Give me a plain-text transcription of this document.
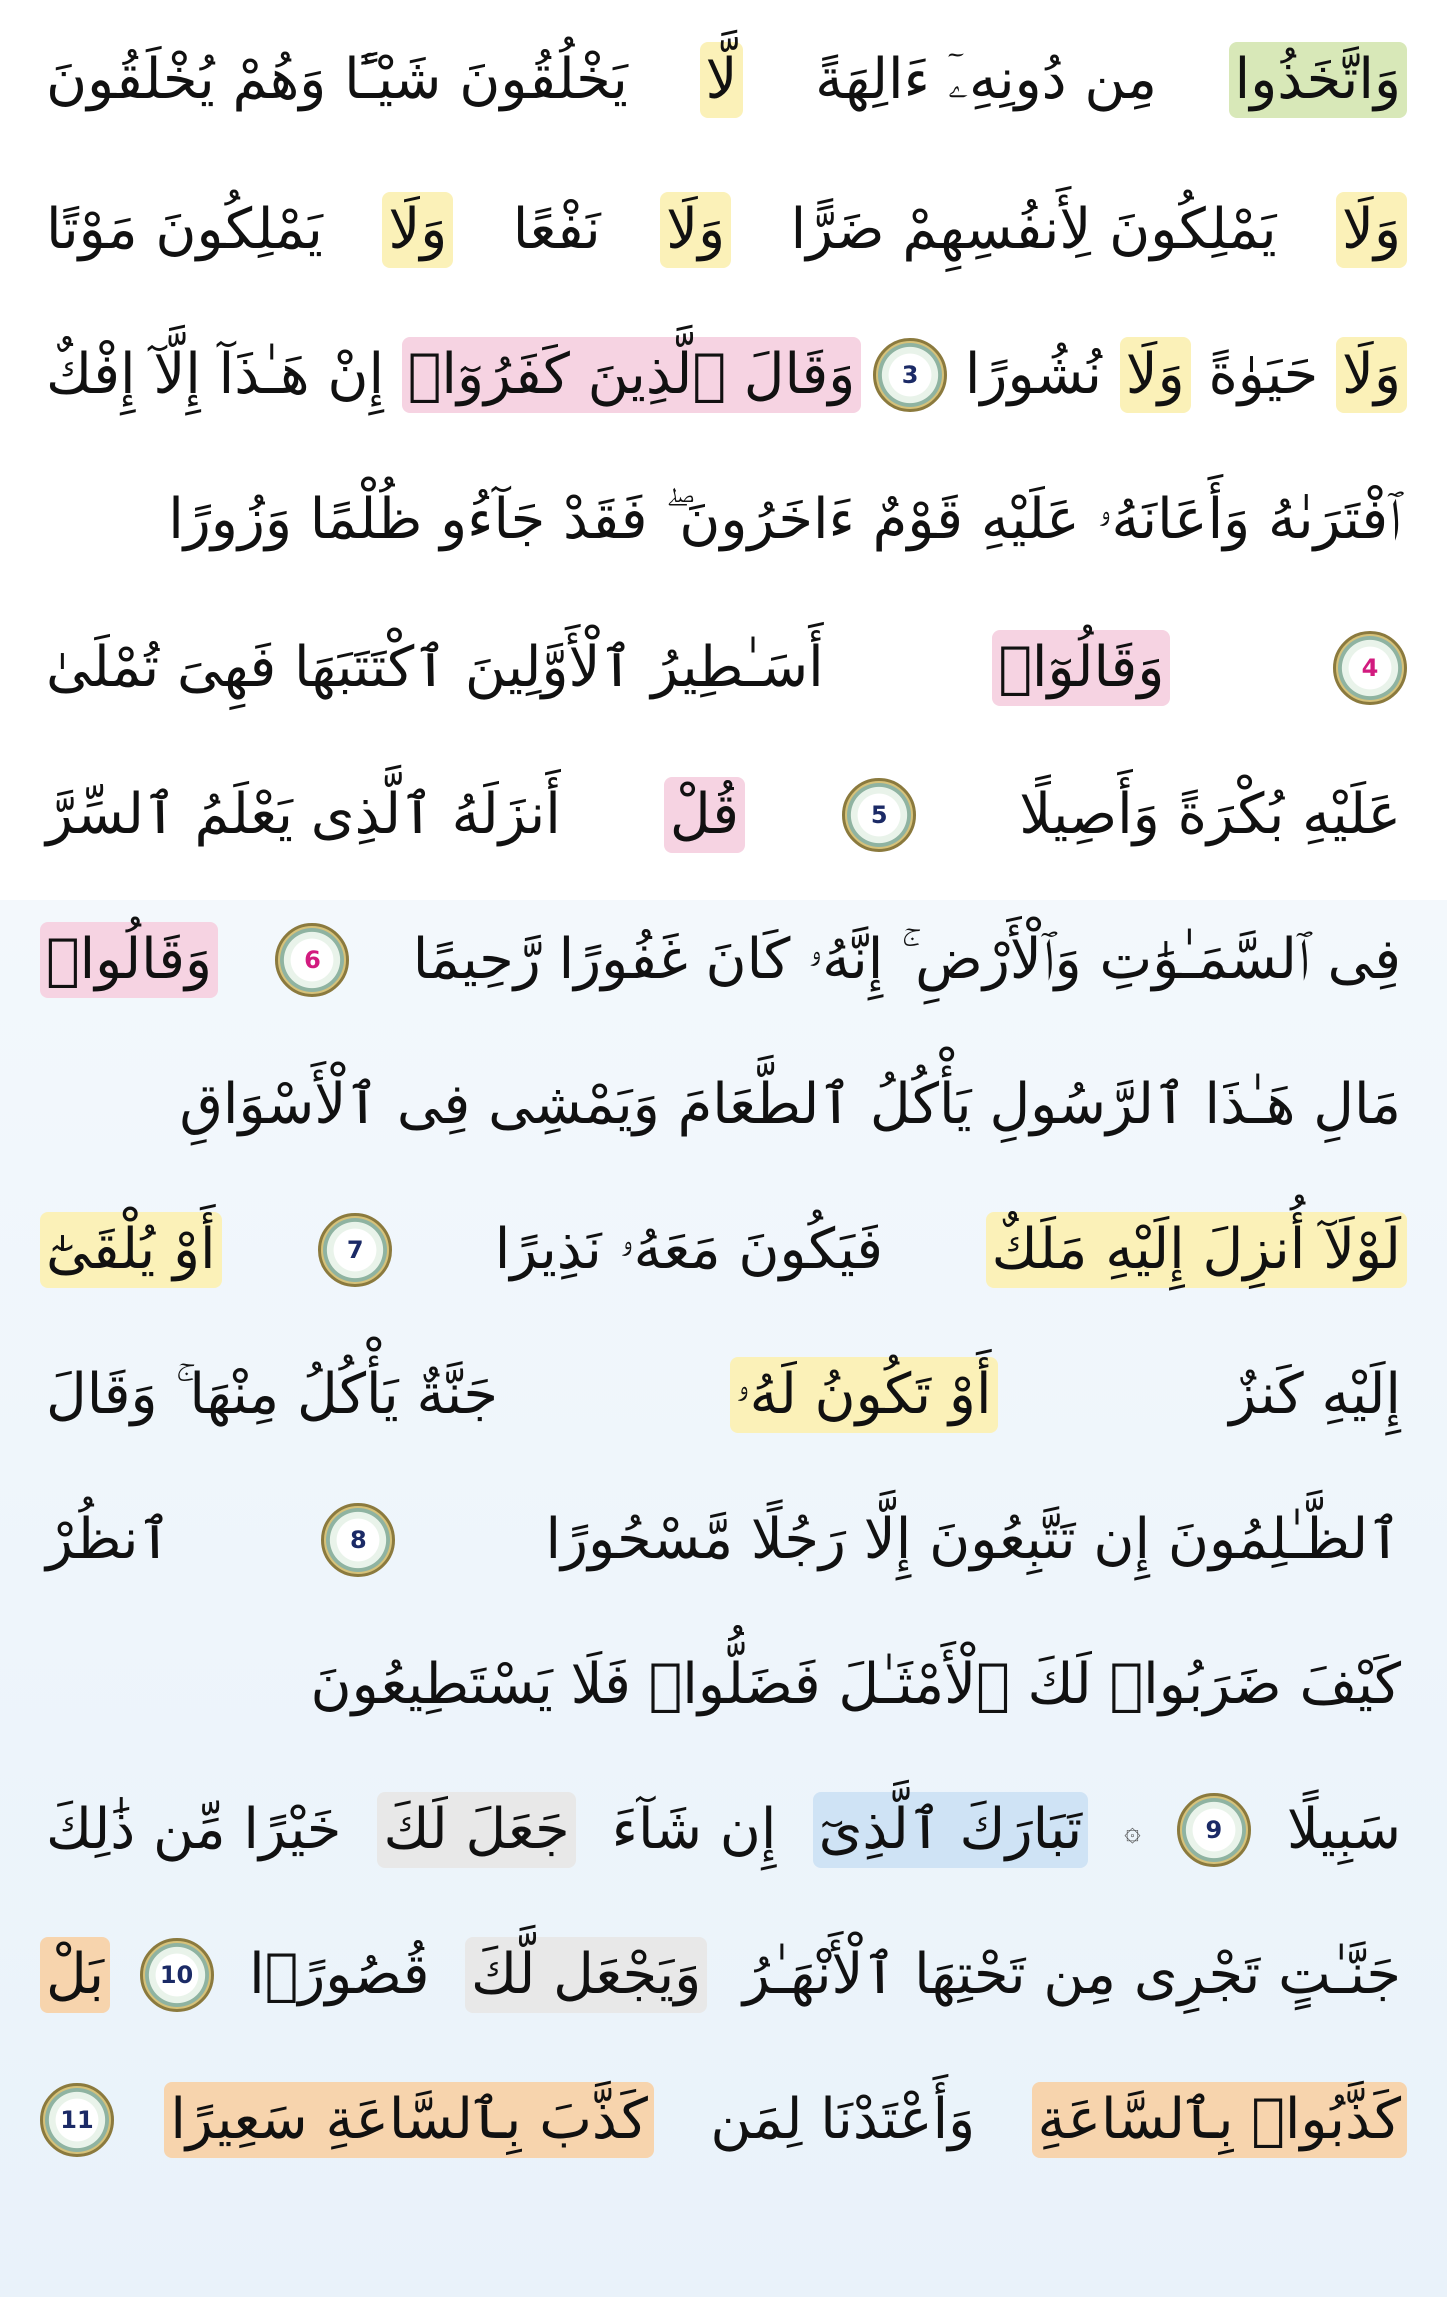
وَاتَّخَذُوا
مِن دُونِهِۦٓ ءَالِهَةً
لَّا
يَخْلُقُونَ شَيْـًٔا وَهُمْ يُخْلَقُونَ
وَلَا
يَمْلِكُونَ لِأَنفُسِهِمْ ضَرًّا
وَلَا
نَفْعًا
وَلَا
يَمْلِكُونَ مَوْتًا
وَلَا
حَيَوٰةً
وَلَا
نُشُورًا
3
وَقَالَ ٱلَّذِينَ كَفَرُوٓا۟
إِنْ هَـٰذَآ إِلَّآ إِفْكٌ
ٱفْتَرَىٰهُ وَأَعَانَهُۥ عَلَيْهِ قَوْمٌ ءَاخَرُونَ ۖ فَقَدْ جَآءُو ظُلْمًا وَزُورًا
4
وَقَالُوٓا۟
أَسَـٰطِيرُ ٱلْأَوَّلِينَ ٱكْتَتَبَهَا فَهِىَ تُمْلَىٰ
عَلَيْهِ بُكْرَةً وَأَصِيلًا
5
قُلْ
أَنزَلَهُ ٱلَّذِى يَعْلَمُ ٱلسِّرَّ
فِى ٱلسَّمَـٰوَٰتِ وَٱلْأَرْضِ ۚ إِنَّهُۥ كَانَ غَفُورًا رَّحِيمًا
6
وَقَالُوا۟
مَالِ هَـٰذَا ٱلرَّسُولِ يَأْكُلُ ٱلطَّعَامَ وَيَمْشِى فِى ٱلْأَسْوَاقِ
لَوْلَآ أُنزِلَ إِلَيْهِ مَلَكٌ
فَيَكُونَ مَعَهُۥ نَذِيرًا
7
أَوْ يُلْقَىٰٓ
إِلَيْهِ كَنزٌ
أَوْ تَكُونُ لَهُۥ
جَنَّةٌ يَأْكُلُ مِنْهَا ۚ وَقَالَ
ٱلظَّـٰلِمُونَ إِن تَتَّبِعُونَ إِلَّا رَجُلًا مَّسْحُورًا
8
ٱنظُرْ
كَيْفَ ضَرَبُوا۟ لَكَ ٱلْأَمْثَـٰلَ فَضَلُّوا۟ فَلَا يَسْتَطِيعُونَ
سَبِيلًا
9
۞
تَبَارَكَ ٱلَّذِىٓ
إِن شَآءَ
جَعَلَ لَكَ
خَيْرًا مِّن ذَٰلِكَ
جَنَّـٰتٍ تَجْرِى مِن تَحْتِهَا ٱلْأَنْهَـٰرُ
وَيَجْعَل لَّكَ
قُصُورًۢا
10
بَلْ
كَذَّبُوا۟ بِٱلسَّاعَةِ
وَأَعْتَدْنَا لِمَن
كَذَّبَ بِٱلسَّاعَةِ سَعِيرًا
11
